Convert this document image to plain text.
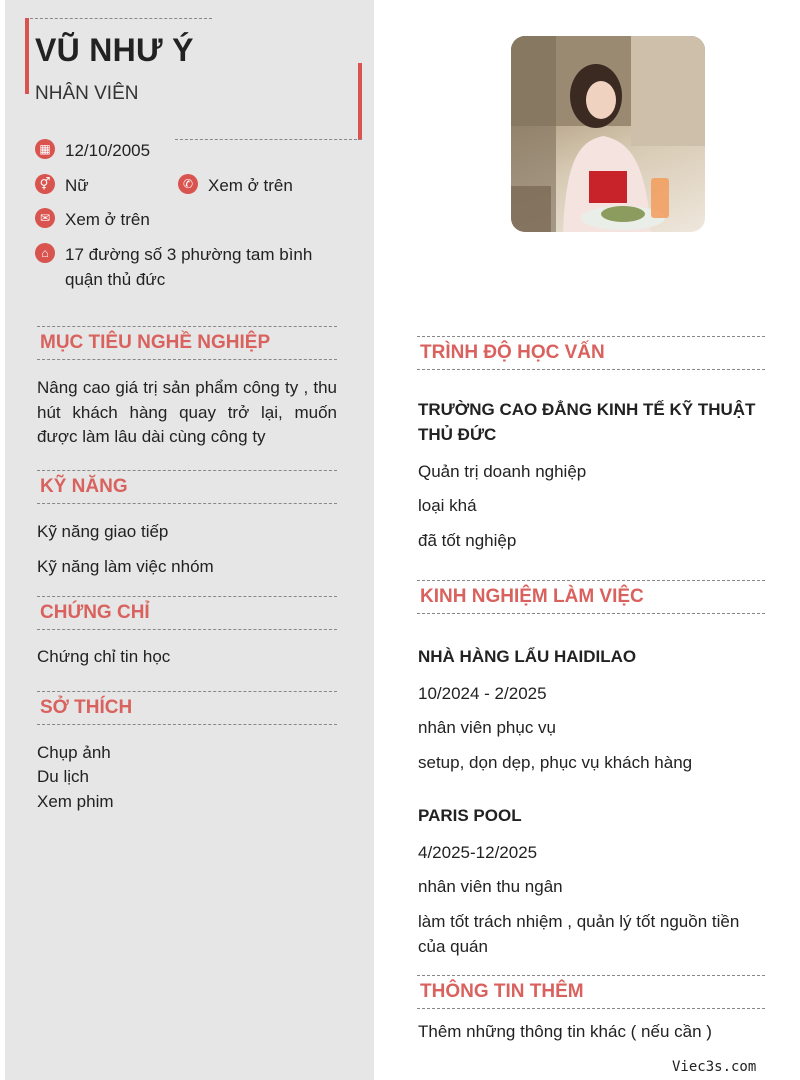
VŨ NHƯ Ý
NHÂN VIÊN
▦ 12/10/2005
⚥ Nữ	✆ Xem ở trên
✉ Xem ở trên
⌂ 17 đường số 3 phường tam bình
quận thủ đức
MỤC TIÊU NGHỀ NGHIỆP
Nâng cao giá trị sản phẩm công ty , thu hút khách hàng quay trở lại, muốn được làm lâu dài cùng công ty
KỸ NĂNG
Kỹ năng giao tiếp
Kỹ năng làm việc nhóm
CHỨNG CHỈ
Chứng chỉ tin học
SỞ THÍCH
Chụp ảnh
Du lịch
Xem phim
TRÌNH ĐỘ HỌC VẤN
TRƯỜNG CAO ĐẲNG KINH TẾ KỸ THUẬT THỦ ĐỨC
Quản trị doanh nghiệp
loại khá
đã tốt nghiệp
KINH NGHIỆM LÀM VIỆC
NHÀ HÀNG LẨU HAIDILAO
10/2024 - 2/2025
nhân viên phục vụ
setup, dọn dẹp, phục vụ khách hàng
PARIS POOL
4/2025-12/2025
nhân viên thu ngân
làm tốt trách nhiệm , quản lý tốt nguồn tiền của quán
THÔNG TIN THÊM
Thêm những thông tin khác ( nếu cần )
Viec3s.com
